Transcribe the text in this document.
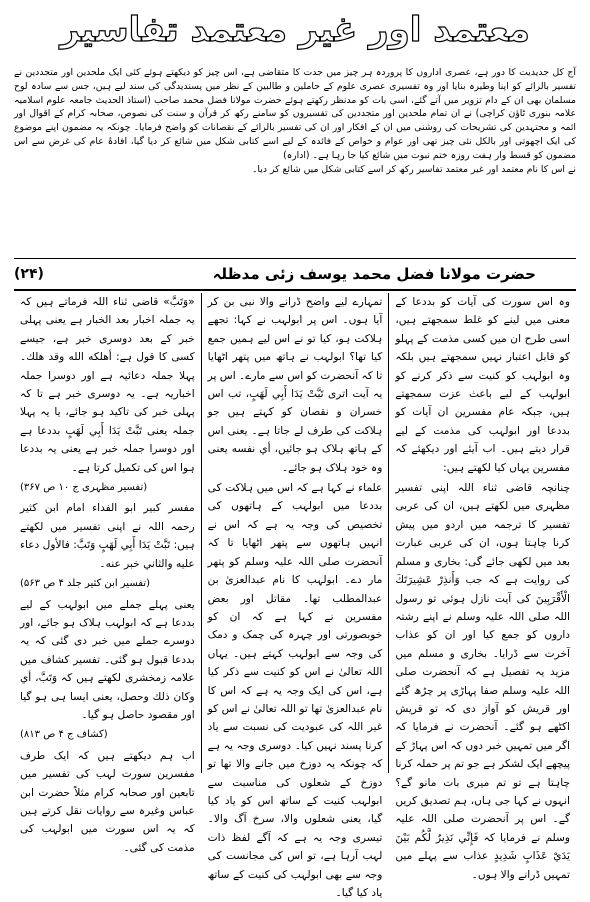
معتمد اور غیر معتمد تفاسیر

آج کل جدیدیت کا دور ہے، عصری اداروں کا پروردہ ہر چیز میں جدت کا متقاضی ہے، اس چیز کو دیکھتے ہوئے کئی ایک ملحدین اور متجددین نے تفسیر بالرائے کو اپنا وطیرہ بنایا اور وہ تفسیری عصری علوم کے حاملین و طالبین کے نظر میں پسندیدگی کی سند لیے ہیں، جس سے سادہ لوح مسلمان بھی ان کے دام تزویر میں آتے گئے، اسی بات کو مدنظر رکھتے ہوئے حضرت مولانا فضل محمد صاحب (استاذ الحدیث جامعہ علوم اسلامیہ علامہ بنوری ٹاؤن کراچی) نے ان تمام ملحدین اور متجددین کی تفسیروں کو سامنے رکھ کر قرآن و سنت کی نصوص، صحابہ کرام کے اقوال اور ائمہ و مجتہدین کی تشریحات کی روشنی میں ان کے افکار اور ان کی تفسیر بالرائے کے نقصانات کو واضح فرمایا۔ چونکہ یہ مضمون اپنے موضوع کی ایک اچھوتی اور بالکل نئی چیز تھی اور عوام و خواص کے فائدہ کے لیے اسے کتابی شکل میں شائع کر دیا گیا، افادۂ عام کی غرض سے اس مضمون کو قسط وار ہفت روزہ ختم نبوت میں شائع کیا جا رہا ہے۔ (ادارہ)

نے اس کا نام معتمد اور غیر معتمد تفاسیر رکھ کر اسے کتابی شکل میں شائع کر دیا۔

حضرت مولانا فضل محمد یوسف زئی مدظلہ
(۲۴)

وہ اس سورت کی آیات کو بددعا کے معنی میں لینے کو غلط سمجھتے ہیں، اسی طرح ان میں کسی مذمت کے پہلو کو قابل اعتبار نہیں سمجھتے ہیں بلکہ وہ ابولہب کو کنیت سے ذکر کرنے کو ابولہب کے لیے باعث عزت سمجھتے ہیں، جبکہ عام مفسرین ان آیات کو بددعا اور ابولہب کی مذمت کے لیے قرار دیتے ہیں۔ اب آیئے اور دیکھئے کہ مفسرین یہاں کیا لکھتے ہیں:

چنانچہ قاضی ثناء اللہ اپنی تفسیر مظہری میں لکھتے ہیں، ان کی عربی تفسیر کا ترجمہ میں اردو میں پیش کرنا چاہتا ہوں، ان کی عربی عبارت بعد میں لکھی جائے گی: بخاری و مسلم کی روایت ہے کہ جب وَأَنذِرْ عَشِيرَتَكَ الْأَقْرَبِينَ کی آیت نازل ہوئی تو رسول اللہ صلی اللہ علیہ وسلم نے اپنے رشتہ داروں کو جمع کیا اور ان کو عذاب آخرت سے ڈرایا۔ بخاری و مسلم میں مزید یہ تفصیل ہے کہ آنحضرت صلی اللہ علیہ وسلم صفا پہاڑی پر چڑھ گئے اور قریش کو آواز دی کہ تو قریش اکٹھے ہو گئے۔ آنحضرت نے فرمایا کہ اگر میں تمہیں خبر دوں کہ اس پہاڑ کے پیچھے ایک لشکر ہے جو تم پر حملہ کرنا چاہتا ہے تو تم میری بات مانو گے؟ انہوں نے کہا جی ہاں، ہم تصدیق کریں گے۔ اس پر آنحضرت صلی اللہ علیہ وسلم نے فرمایا کہ فَإِنِّي نَذِيرٌ لَّكُم بَيْنَ يَدَيْ عَذَابٍ شَدِيدٍ عذاب سے پہلے میں تمہیں ڈرانے والا ہوں۔

تمہارے لیے واضح ڈرانے والا نبی بن کر آیا ہوں۔ اس پر ابولہب نے کہا: تجھے ہلاکت ہو، کیا تو نے اس لیے ہمیں جمع کیا تھا؟ ابولہب نے ہاتھ میں پتھر اٹھایا تا کہ آنحضرت کو اس سے مارے۔ اس پر یہ آیت اتری تَبَّتْ يَدَا أَبِي لَهَبٍ، تب اس خسران و نقصان کو کہتے ہیں جو ہلاکت کی طرف لے جاتا ہے۔ یعنی اس کے ہاتھ ہلاک ہو جائیں، أي نفسه یعنی وہ خود ہلاک ہو جائے۔

علماء نے کہا ہے کہ اس میں ہلاکت کی بددعا میں ابولہب کے ہاتھوں کی تخصیص کی وجہ یہ ہے کہ اس نے انہیں ہاتھوں سے پتھر اٹھایا تا کہ آنحضرت صلی اللہ علیہ وسلم کو پتھر مار دے۔ ابولہب کا نام عبدالعزیٰ بن عبدالمطلب تھا۔ مقاتل اور بعض مفسرین نے کہا ہے کہ ان کو خوبصورتی اور چہرہ کی چمک و دمک کی وجہ سے ابولہب کہتے ہیں۔ یہاں اللہ تعالیٰ نے اس کو کنیت سے ذکر کیا ہے، اس کی ایک وجہ یہ ہے کہ اس کا نام عبدالعزیٰ تھا تو اللہ تعالیٰ نے اس کو غیر اللہ کی عبودیت کی نسبت سے یاد کرنا پسند نہیں کیا۔ دوسری وجہ یہ ہے کہ چونکہ یہ دوزخ میں جانے والا تھا تو دوزخ کے شعلوں کی مناسبت سے ابولہب کنیت کے ساتھ اس کو یاد کیا گیا، یعنی شعلوں والا، سرخ آگ والا۔ تیسری وجہ یہ ہے کہ آگے لفظ ذات لہب آرہا ہے، تو اس کی مجانست کی وجہ سے بھی ابولہب کی کنیت کے ساتھ یاد کیا گیا۔

«وَتَبَّ» قاضی ثناء اللہ فرماتے ہیں کہ یہ جملہ اخبار بعد الخبار ہے یعنی پہلی خبر کے بعد دوسری خبر ہے، جیسے کسی کا قول ہے: أهلكه الله وقد هلك۔ پہلا جملہ دعائیہ ہے اور دوسرا جملہ اخباریہ ہے۔ یہ دوسری خبر ہے تا کہ پہلی خبر کی تاکید ہو جائے، یا یہ پہلا جملہ یعنی تَبَّتْ يَدَا أَبِي لَهَبٍ بددعا ہے اور دوسرا جملہ خبر ہے یعنی یہ بددعا ہوا اس کی تکمیل کرتا ہے۔

(تفسیر مظہری ج ۱۰ ص ۳۶۷)

مفسر کبیر ابو الفداء امام ابن کثیر رحمہ اللہ نے اپنی تفسیر میں لکھتے ہیں: تَبَّتْ يَدَا أَبِي لَهَبٍ وَتَبَّ: فالأول دعاء عليه والثاني خبر عنه۔

(تفسیر ابن کثیر جلد ۴ ص ۵۶۳)

یعنی پہلے جملے میں ابولہب کے لیے بددعا ہے کہ ابولہب ہلاک ہو جائے، اور دوسرے جملے میں خبر دی گئی کہ یہ بددعا قبول ہو گئی۔ تفسیر کشاف میں علامہ زمخشری لکھتے ہیں کہ وَتَبَّ، أي وكان ذلك وحصل، یعنی ایسا ہی ہو گیا اور مقصود حاصل ہو گیا۔

(کشاف ج ۴ ص ۸۱۳)

اب ہم دیکھتے ہیں کہ ایک طرف مفسرین سورت لہب کی تفسیر میں تابعین اور صحابہ کرام مثلاً حضرت ابن عباس وغیرہ سے روایات نقل کرتے ہیں کہ یہ اس سورت میں ابولہب کی مذمت کی گئی۔
